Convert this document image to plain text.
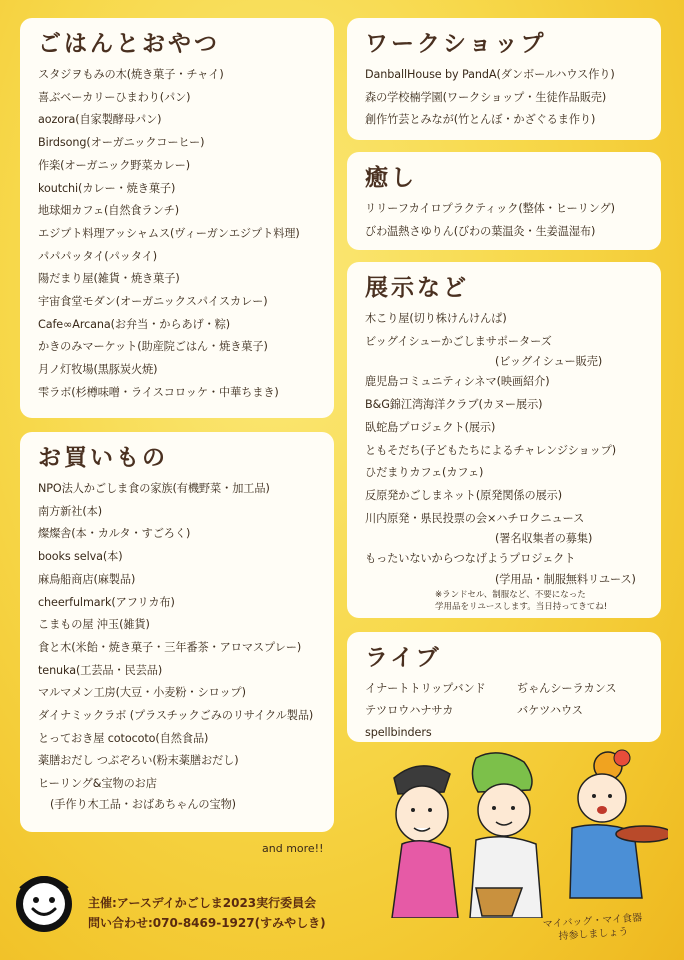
ごはんとおやつ
スタジヲもみの木(焼き菓子・チャイ)
喜ぶベーカリーひまわり(パン)
aozora(自家製酵母パン)
Birdsong(オーガニックコーヒー)
作楽(オーガニック野菜カレー)
koutchi(カレー・焼き菓子)
地球畑カフェ(自然食ランチ)
エジプト料理アッシャムス(ヴィーガンエジプト料理)
パパパッタイ(パッタイ)
陽だまり屋(雑貨・焼き菓子)
宇宙食堂モダン(オーガニックスパイスカレー)
Cafe∞Arcana(お弁当・からあげ・粽)
かきのみマーケット(助産院ごはん・焼き菓子)
月ノ灯牧場(黒豚炭火焼)
雫ラボ(杉樽味噌・ライスコロッケ・中華ちまき)
お買いもの
NPO法人かごしま食の家族(有機野菜・加工品)
南方新社(本)
燦燦舎(本・カルタ・すごろく)
books selva(本)
麻鳥船商店(麻製品)
cheerfulmark(アフリカ布)
こまもの屋 沖玉(雑貨)
食と木(米飴・焼き菓子・三年番茶・アロマスプレー)
tenuka(工芸品・民芸品)
マルマメン工房(大豆・小麦粉・シロップ)
ダイナミックラボ (プラスチックごみのリサイクル製品)
とっておき屋 cotocoto(自然食品)
薬膳おだし つぶぞろい(粉末薬膳おだし)
ヒーリング&宝物のお店
(手作り木工品・おばあちゃんの宝物)
ワークショップ
DanballHouse by PandA(ダンボールハウス作り)
森の学校楠学園(ワークショップ・生徒作品販売)
創作竹芸とみなが(竹とんぼ・かざぐるま作り)
癒し
リリーフカイロプラクティック(整体・ヒーリング)
びわ温熱さゆりん(びわの葉温灸・生姜温湿布)
展示など
木こり屋(切り株けんけんぱ)
ビッグイシューかごしまサポーターズ
(ビッグイシュー販売)
鹿児島コミュニティシネマ(映画紹介)
B&G錦江湾海洋クラブ(カヌー展示)
臥蛇島プロジェクト(展示)
ともそだち(子どもたちによるチャレンジショップ)
ひだまりカフェ(カフェ)
反原発かごしまネット(原発関係の展示)
川内原発・県民投票の会×ハチロクニュース
(署名収集者の募集)
もったいないからつなげようプロジェクト
(学用品・制服無料リユース)
※ランドセル、制服など、不要になった
学用品をリユースします。当日持ってきてね!
ライブ
イナートトリップバンド	ぢゃんシーラカンス
テツロウハナサカ	バケツハウス
spellbinders
and more!!
主催:アースデイかごしま2023実行委員会
問い合わせ:070-8469-1927(すみやしき)	マイバッグ・マイ食器
持参しましょう
